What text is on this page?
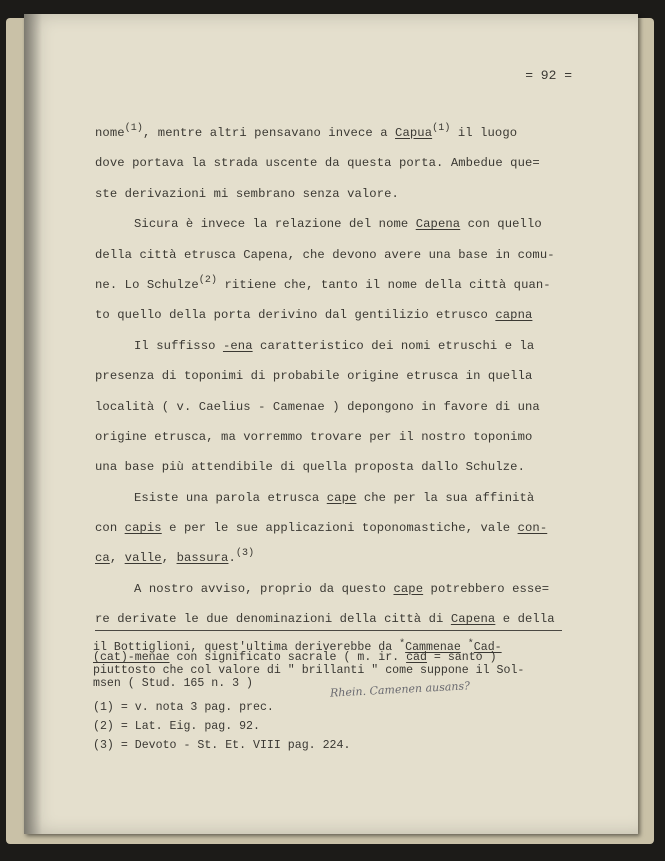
= 92 =
nome$^{(1)}$, mentre altri pensavano invece a Capua$^{(1)}$ il luogo
dove portava la strada uscente da questa porta. Ambedue que=
ste derivazioni mi sembrano senza valore.
Sicura è invece la relazione del nome Capena con quello
della città etrusca Capena, che devono avere una base in comu-
ne. Lo Schulze$^{(2)}$ ritiene che, tanto il nome della città quan-
to quello della porta derivino dal gentilizio etrusco capna
Il suffisso -ena caratteristico dei nomi etruschi e la
presenza di toponimi di probabile origine etrusca in quella
località ( v. Caelius - Camenae ) depongono in favore di una
origine etrusca, ma vorremmo trovare per il nostro toponimo
una base più attendibile di quella proposta dallo Schulze.
Esiste una parola etrusca cape che per la sua affinità
con capis e per le sue applicazioni toponomastiche, vale con-
ca, valle, bassura.$^{(3)}$
A nostro avviso, proprio da questo cape potrebbero esse=
re derivate le due denominazioni della città di Capena e della
il Bottiglioni, quest'ultima deriverebbe da *Cammenae *Cad-
(cat)-menae con significato sacrale ( m. ir. cad = santo )
piuttosto che col valore di " brillanti " come suppone il Sol-
msen ( Stud. 165 n. 3 )
(1) = v. nota 3 pag. prec.
(2) = Lat. Eig. pag. 92.
(3) = Devoto - St. Et. VIII pag. 224.
Rhein. Camenen ausans?
